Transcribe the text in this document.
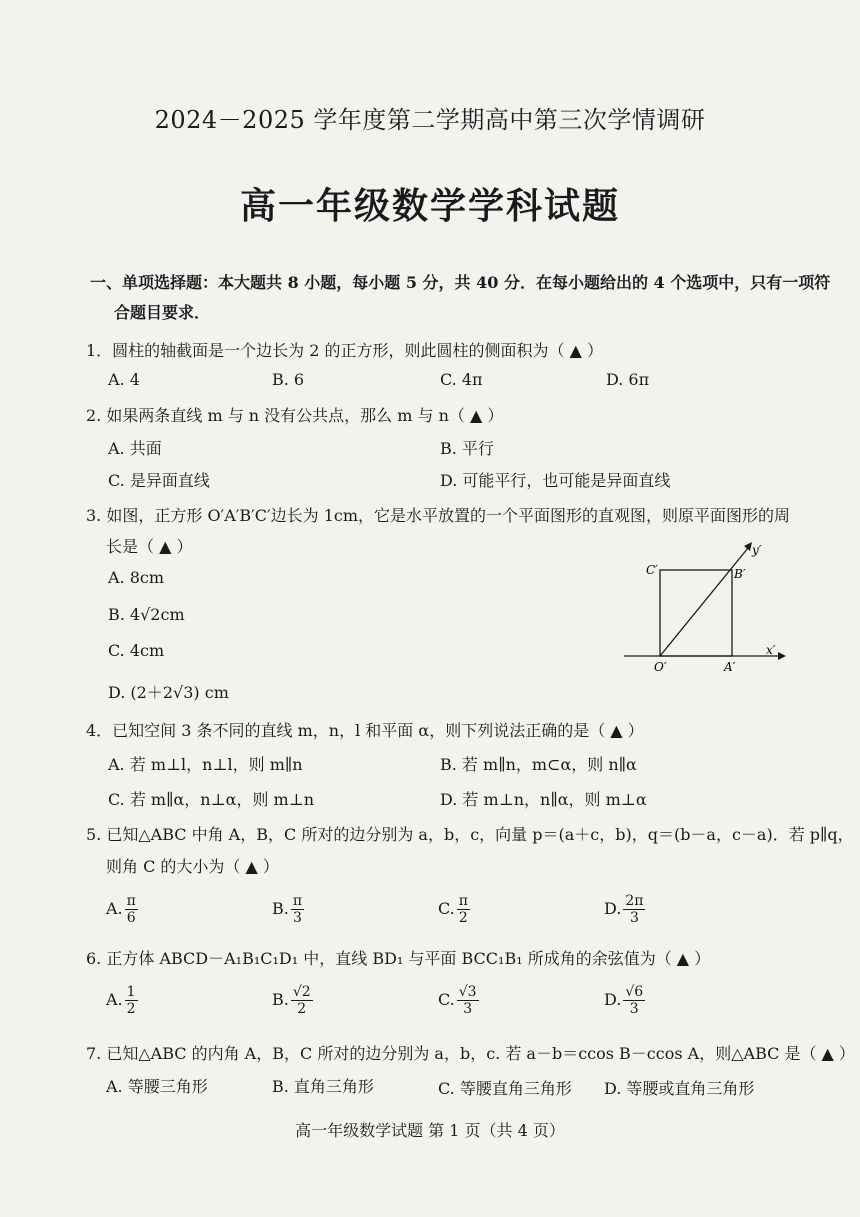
2024－2025 学年度第二学期高中第三次学情调研
高一年级数学学科试题
一、单项选择题：本大题共 8 小题，每小题 5 分，共 40 分．在每小题给出的 4 个选项中，只有一项符
合题目要求．
1．圆柱的轴截面是一个边长为 2 的正方形，则此圆柱的侧面积为（ ▲ ）
A. 4	B. 6	C. 4π	D. 6π
2. 如果两条直线 m 与 n 没有公共点，那么 m 与 n（ ▲ ）
A. 共面	B. 平行
C. 是异面直线	D. 可能平行，也可能是异面直线
3. 如图，正方形 O′A′B′C′边长为 1cm，它是水平放置的一个平面图形的直观图，则原平面图形的周
长是（ ▲ ）
A. 8cm
B. 4√2cm
C. 4cm
D. (2＋2√3) cm
y′
x′
O′	A′
B′
C′
4．已知空间 3 条不同的直线 m，n，l 和平面 α，则下列说法正确的是（ ▲ ）
A. 若 m⊥l，n⊥l，则 m∥n	B. 若 m∥n，m⊂α，则 n∥α
C. 若 m∥α，n⊥α，则 m⊥n	D. 若 m⊥n，n∥α，则 m⊥α
5. 已知△ABC 中角 A，B，C 所对的边分别为 a，b，c，向量 p＝(a＋c，b)，q＝(b－a，c－a)．若 p∥q，
则角 C 的大小为（ ▲ ）
A. $\frac{\pi}{6}$	B. $\frac{\pi}{3}$	C. $\frac{\pi}{2}$	D. $\frac{2\pi}{3}$
6. 正方体 ABCD－A₁B₁C₁D₁ 中，直线 BD₁ 与平面 BCC₁B₁ 所成角的余弦值为（ ▲ ）
A. $\frac{1}{2}$	B. $\frac{√2}{2}$	C. $\frac{√3}{3}$	D. $\frac{√6}{3}$
7. 已知△ABC 的内角 A，B，C 所对的边分别为 a，b，c. 若 a－b＝ccos B－ccos A，则△ABC 是（ ▲ ）
A. 等腰三角形	B. 直角三角形	C. 等腰直角三角形 D. 等腰或直角三角形
高一年级数学试题 第 1 页（共 4 页）
